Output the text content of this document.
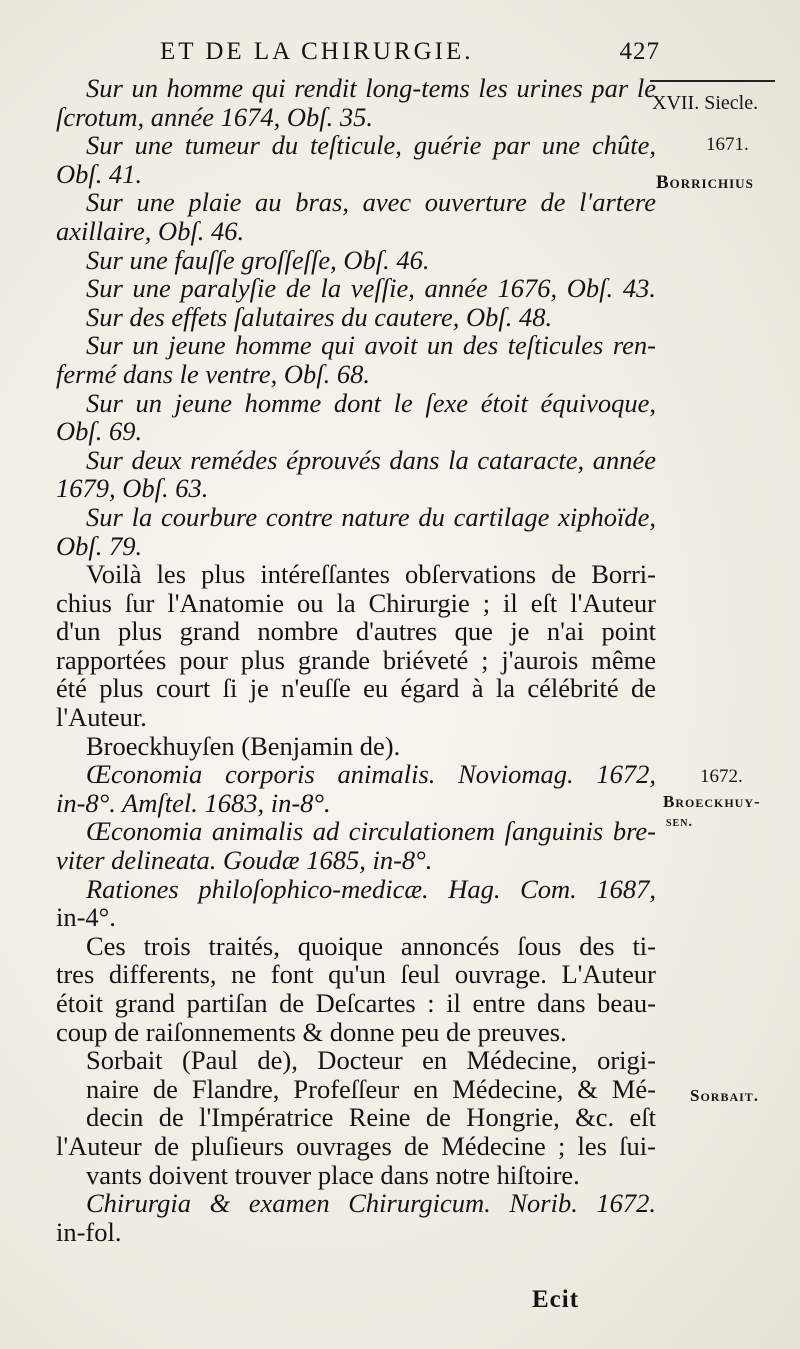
ET DE LA CHIRURGIE.	427
XVII. Siecle.
1671.
Borrichius
1672.
Broeckhuy-
sen.
Sorbait.
Sur un homme qui rendit long-tems les urines par le
ſcrotum, année 1674, Obſ. 35.
Sur une tumeur du teſticule, guérie par une chûte,
Obſ. 41.
Sur une plaie au bras, avec ouverture de l'artere
axillaire, Obſ. 46.
Sur une fauſſe groſſeſſe, Obſ. 46.
Sur une paralyſie de la veſſie, année 1676, Obſ. 43.
Sur des effets ſalutaires du cautere, Obſ. 48.
Sur un jeune homme qui avoit un des teſticules ren-
fermé dans le ventre, Obſ. 68.
Sur un jeune homme dont le ſexe étoit équivoque,
Obſ. 69.
Sur deux remédes éprouvés dans la cataracte, année
1679, Obſ. 63.
Sur la courbure contre nature du cartilage xiphoïde,
Obſ. 79.
Voilà les plus intéreſſantes obſervations de Borri-
chius ſur l'Anatomie ou la Chirurgie ; il eſt l'Auteur
d'un plus grand nombre d'autres que je n'ai point
rapportées pour plus grande briéveté ; j'aurois même
été plus court ſi je n'euſſe eu égard à la célébrité de
l'Auteur.
Broeckhuyſen (Benjamin de).
Œconomia corporis animalis. Noviomag. 1672,
in-8°. Amſtel. 1683, in-8°.
Œconomia animalis ad circulationem ſanguinis bre-
viter delineata. Goudæ 1685, in-8°.
Rationes philoſophico-medicæ. Hag. Com. 1687,
in-4°.
Ces trois traités, quoique annoncés ſous des ti-
tres differents, ne font qu'un ſeul ouvrage. L'Auteur
étoit grand partiſan de Deſcartes : il entre dans beau-
coup de raiſonnements & donne peu de preuves.
Sorbait (Paul de), Docteur en Médecine, origi-
naire de Flandre, Profeſſeur en Médecine, & Mé-
decin de l'Impératrice Reine de Hongrie, &c. eſt
l'Auteur de pluſieurs ouvrages de Médecine ; les ſui-
vants doivent trouver place dans notre hiſtoire.
Chirurgia & examen Chirurgicum. Norib. 1672.
in-fol.
Ecit
